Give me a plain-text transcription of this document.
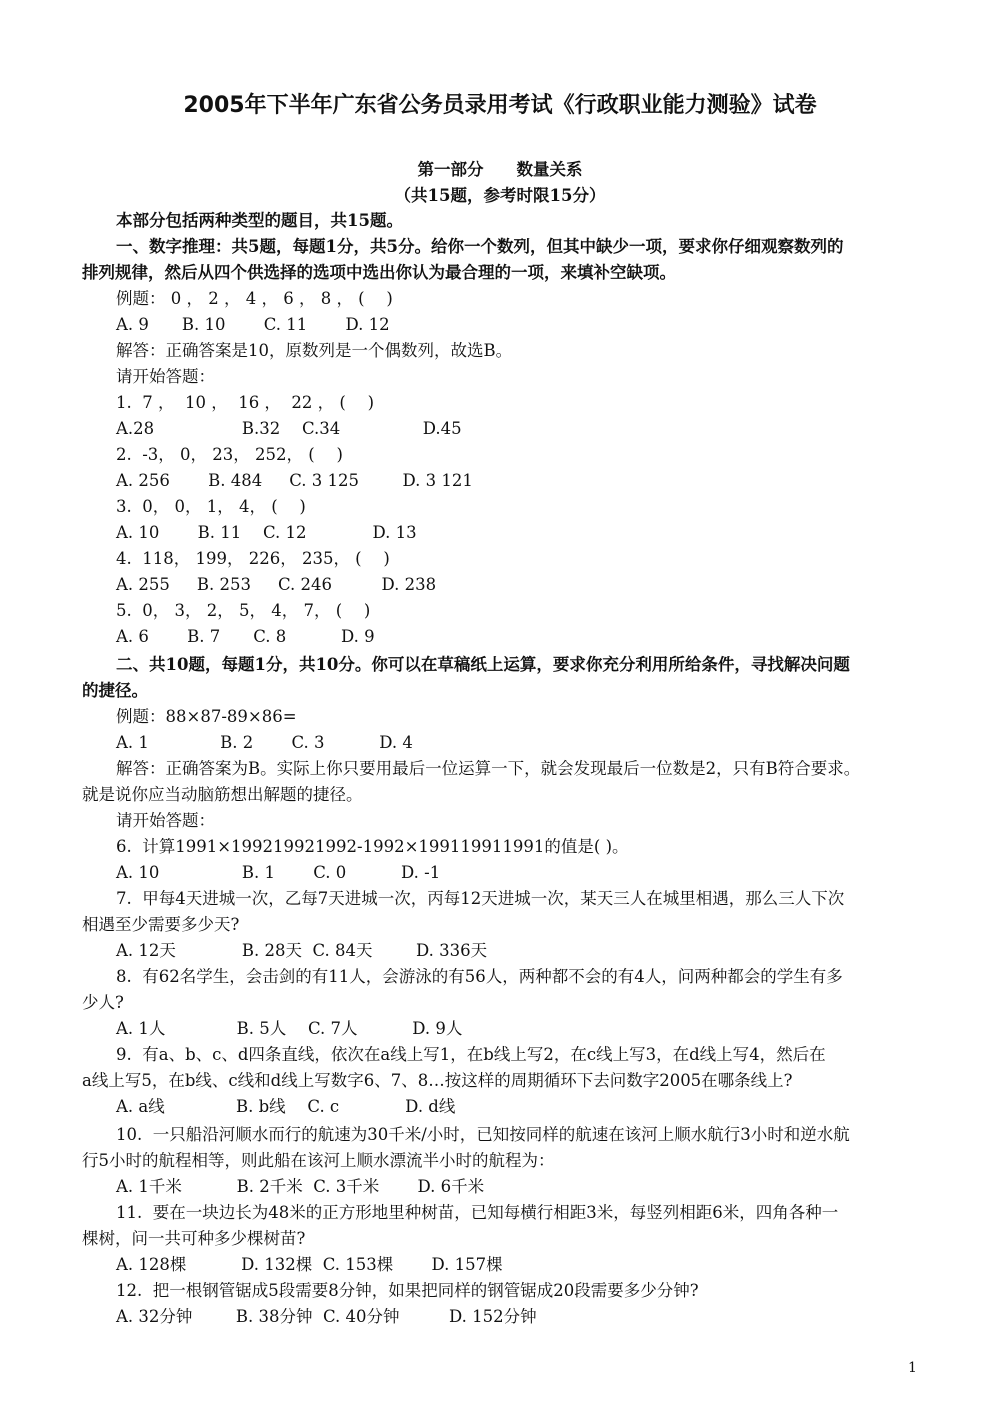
2005年下半年广东省公务员录用考试《行政职业能力测验》试卷
第一部分　　数量关系
（共15题，参考时限15分）
本部分包括两种类型的题目，共15题。
一、数字推理：共5题，每题1分，共5分。给你一个数列，但其中缺少一项，要求你仔细观察数列的
排列规律，然后从四个供选择的选项中选出你认为最合理的一项，来填补空缺项。
例题： 0 ， 2 ， 4 ， 6 ， 8 ， (　 )
A. 9　　B. 10　　 C. 11　　 D. 12
解答：正确答案是10，原数列是一个偶数列，故选B。
请开始答题：
1.  7 ，  10 ，  16 ，  22 ， (　 )
A.28　　　　　 B.32　 C.34　　　　　D.45
2.  -3， 0， 23， 252， (　 )
A. 256　　 B. 484　  C. 3 125　　  D. 3 121
3.  0， 0， 1， 4， (　 )
A. 10　　 B. 11　 C. 12　　　　D. 13
4.  118， 199， 226， 235， (　 )
A. 255　  B. 253　  C. 246　　　D. 238
5.  0， 3， 2， 5， 4， 7， (　 )
A. 6　　 B. 7　　C. 8　　　 D. 9
二、共10题，每题1分，共10分。你可以在草稿纸上运算，要求你充分利用所给条件，寻找解决问题
的捷径。
例题：88×87-89×86=
A. 1　　　　 B. 2　　 C. 3　　　 D. 4
解答：正确答案为B。实际上你只要用最后一位运算一下，就会发现最后一位数是2，只有B符合要求。
就是说你应当动脑筋想出解题的捷径。
请开始答题：
6.  计算1991×199219921992-1992×199119911991的值是( )。
A. 10　　　　　B. 1　　 C. 0　　　 D. -1
7.  甲每4天进城一次，乙每7天进城一次，丙每12天进城一次，某天三人在城里相遇，那么三人下次
相遇至少需要多少天?
A. 12天　　　　B. 28天  C. 84天　　  D. 336天
8.  有62名学生，会击剑的有11人，会游泳的有56人，两种都不会的有4人，问两种都会的学生有多
少人?
A. 1人　　　　 B. 5人　 C. 7人　　　 D. 9人
9.  有a、b、c、d四条直线，依次在a线上写1，在b线上写2，在c线上写3，在d线上写4，然后在
a线上写5，在b线、c线和d线上写数字6、7、8…按这样的周期循环下去问数字2005在哪条线上?
A. a线　　　　 B. b线　 C. c　　　　D. d线
10.  一只船沿河顺水而行的航速为30千米/小时，已知按同样的航速在该河上顺水航行3小时和逆水航
行5小时的航程相等，则此船在该河上顺水漂流半小时的航程为：
A. 1千米　　　 B. 2千米  C. 3千米　　 D. 6千米
11.  要在一块边长为48米的正方形地里种树苗，已知每横行相距3米，每竖列相距6米，四角各种一
棵树，问一共可种多少棵树苗?
A. 128棵　　　 D. 132棵  C. 153棵　　 D. 157棵
12.  把一根钢管锯成5段需要8分钟，如果把同样的钢管锯成20段需要多少分钟?
A. 32分钟　　  B. 38分钟  C. 40分钟　　　D. 152分钟
1
